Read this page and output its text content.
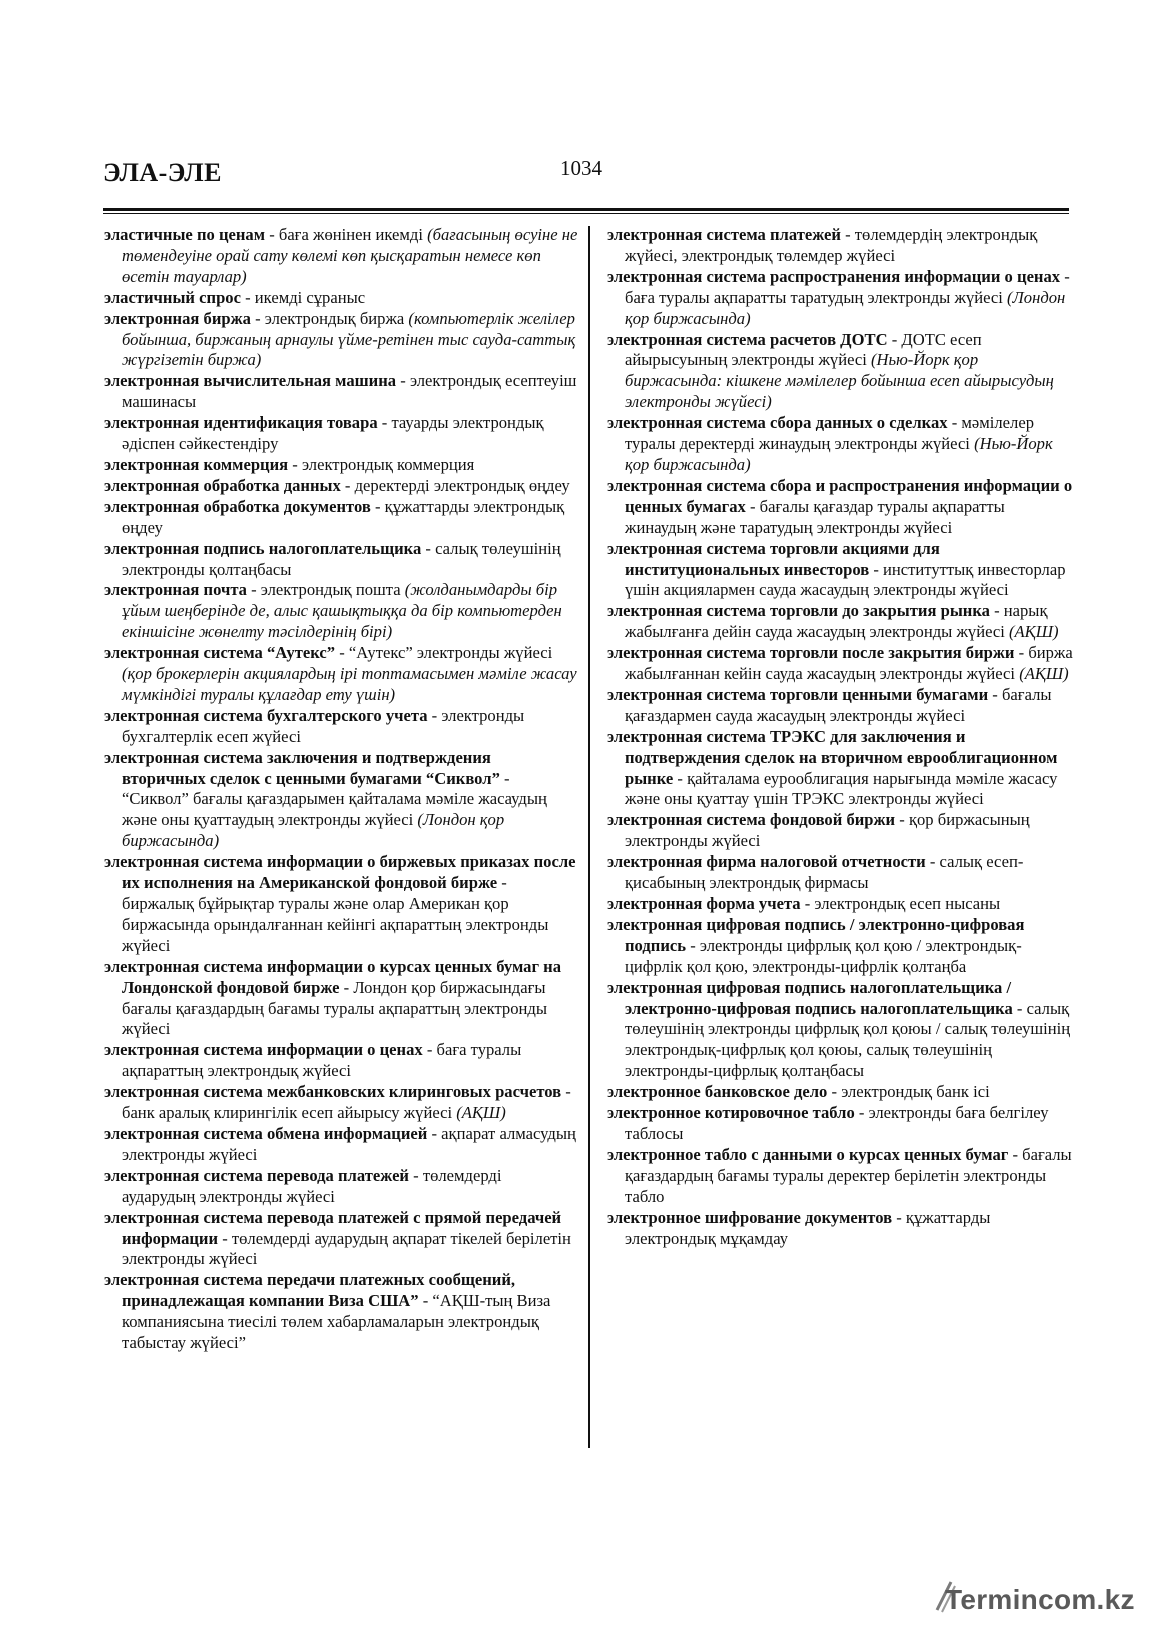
ЭЛА-ЭЛЕ	1034

эластичные по ценам - баға жөнінен икемді (бағасының өсуіне не төмендеуіне орай сату көлемі көп қысқаратын немесе көп өсетін тауарлар)

эластичный спрос - икемді сұраныс

электронная биржа - электрондық биржа (компьютерлік желілер бойынша, биржаның арнаулы үйме-ретінен тыс сауда-саттық жүргізетін биржа)

электронная вычислительная машина - электрондық есептеуіш машинасы

электронная идентификация товара - тауарды электрондық әдіспен сәйкестендіру

электронная коммерция - электрондық коммерция

электронная обработка данных - деректерді электрондық өңдеу

электронная обработка документов - құжаттарды электрондық өңдеу

электронная подпись налогоплательщика - салық төлеушінің электронды қолтаңбасы

электронная почта - электрондық пошта (жолданымдарды бір ұйым шеңберінде де, алыс қашықтыққа да бір компьютерден екіншісіне жөнелту тәсілдерінің бірі)

электронная система “Аутекс” - “Аутекс” электронды жүйесі (қор брокерлерін акциялардың ірі топтамасымен мәміле жасау мүмкіндігі туралы құлағдар ету үшін)

электронная система бухгалтерского учета - электронды бухгалтерлік есеп жүйесі

электронная система заключения и подтверждения вторичных сделок с ценными бумагами “Сиквол” - “Сиквол” бағалы қағаздарымен қайталама мәміле жасаудың және оны қуаттаудың электронды жүйесі (Лондон қор биржасында)

электронная система информации о биржевых приказах после их исполнения на Американской фондовой бирже - биржалық бұйрықтар туралы және олар Американ қор биржасында орындалғаннан кейінгі ақпараттың электронды жүйесі

электронная система информации о курсах ценных бумаг на Лондонской фондовой бирже - Лондон қор биржасындағы бағалы қағаздардың бағамы туралы ақпараттың электронды жүйесі

электронная система информации о ценах - баға туралы ақпараттың электрондық жүйесі

электронная система межбанковских клиринговых расчетов - банк аралық клирингілік есеп айырысу жүйесі (АҚШ)

электронная система обмена информацией - ақпарат алмасудың электронды жүйесі

электронная система перевода платежей - төлемдерді аударудың электронды жүйесі

электронная система перевода платежей с прямой передачей информации - төлемдерді аударудың ақпарат тікелей берілетін электронды жүйесі

электронная система передачи платежных сообщений, принадлежащая компании Виза США” - “АҚШ-тың Виза компаниясына тиесілі төлем хабарламаларын электрондық табыстау жүйесі”

электронная система платежей - төлемдердің электрондық жүйесі, электрондық төлемдер жүйесі

электронная система распространения информации о ценах - баға туралы ақпаратты таратудың электронды жүйесі (Лондон қор биржасында)

электронная система расчетов ДОТС - ДОТС есеп айырысуының электронды жүйесі (Нью-Йорк қор биржасында: кішкене мәмілелер бойынша есеп айырысудың электронды жүйесі)

электронная система сбора данных о сделках - мәмілелер туралы деректерді жинаудың электронды жүйесі (Нью-Йорк қор биржасында)

электронная система сбора и распространения информации о ценных бумагах - бағалы қағаздар туралы ақпаратты жинаудың және таратудың электронды жүйесі

электронная система торговли акциями для институциональных инвесторов - институттық инвесторлар үшін акциялармен сауда жасаудың электронды жүйесі

электронная система торговли до закрытия рынка - нарық жабылғанға дейін сауда жасаудың электронды жүйесі (АҚШ)

электронная система торговли после закрытия биржи - биржа жабылғаннан кейін сауда жасаудың электронды жүйесі (АҚШ)

электронная система торговли ценными бумагами - бағалы қағаздармен сауда жасаудың электронды жүйесі

электронная система ТРЭКС для заключения и подтверждения сделок на вторичном еврооблигационном рынке - қайталама еурооблигация нарығында мәміле жасасу және оны қуаттау үшін ТРЭКС электронды жүйесі

электронная система фондовой биржи - қор биржасының электронды жүйесі

электронная фирма налоговой отчетности - салық есеп-қисабының электрондық фирмасы

электронная форма учета - электрондық есеп нысаны

электронная цифровая подпись / электронно-цифровая подпись - электронды цифрлық қол қою / электрондық-цифрлік қол қою, электронды-цифрлік қолтаңба

электронная цифровая подпись налогоплательщика / электронно-цифровая подпись налогоплательщика - салық төлеушінің электронды цифрлық қол қоюы / салық төлеушінің электрондық-цифрлық қол қоюы, салық төлеушінің электронды-цифрлық қолтаңбасы

электронное банковское дело - электрондық банк ісі

электронное котировочное табло - электронды баға белгілеу таблосы

электронное табло с данными о курсах ценных бумаг - бағалы қағаздардың бағамы туралы деректер берілетін электронды табло

электронное шифрование документов - құжаттарды электрондық мұқамдау

Termincom.kz
